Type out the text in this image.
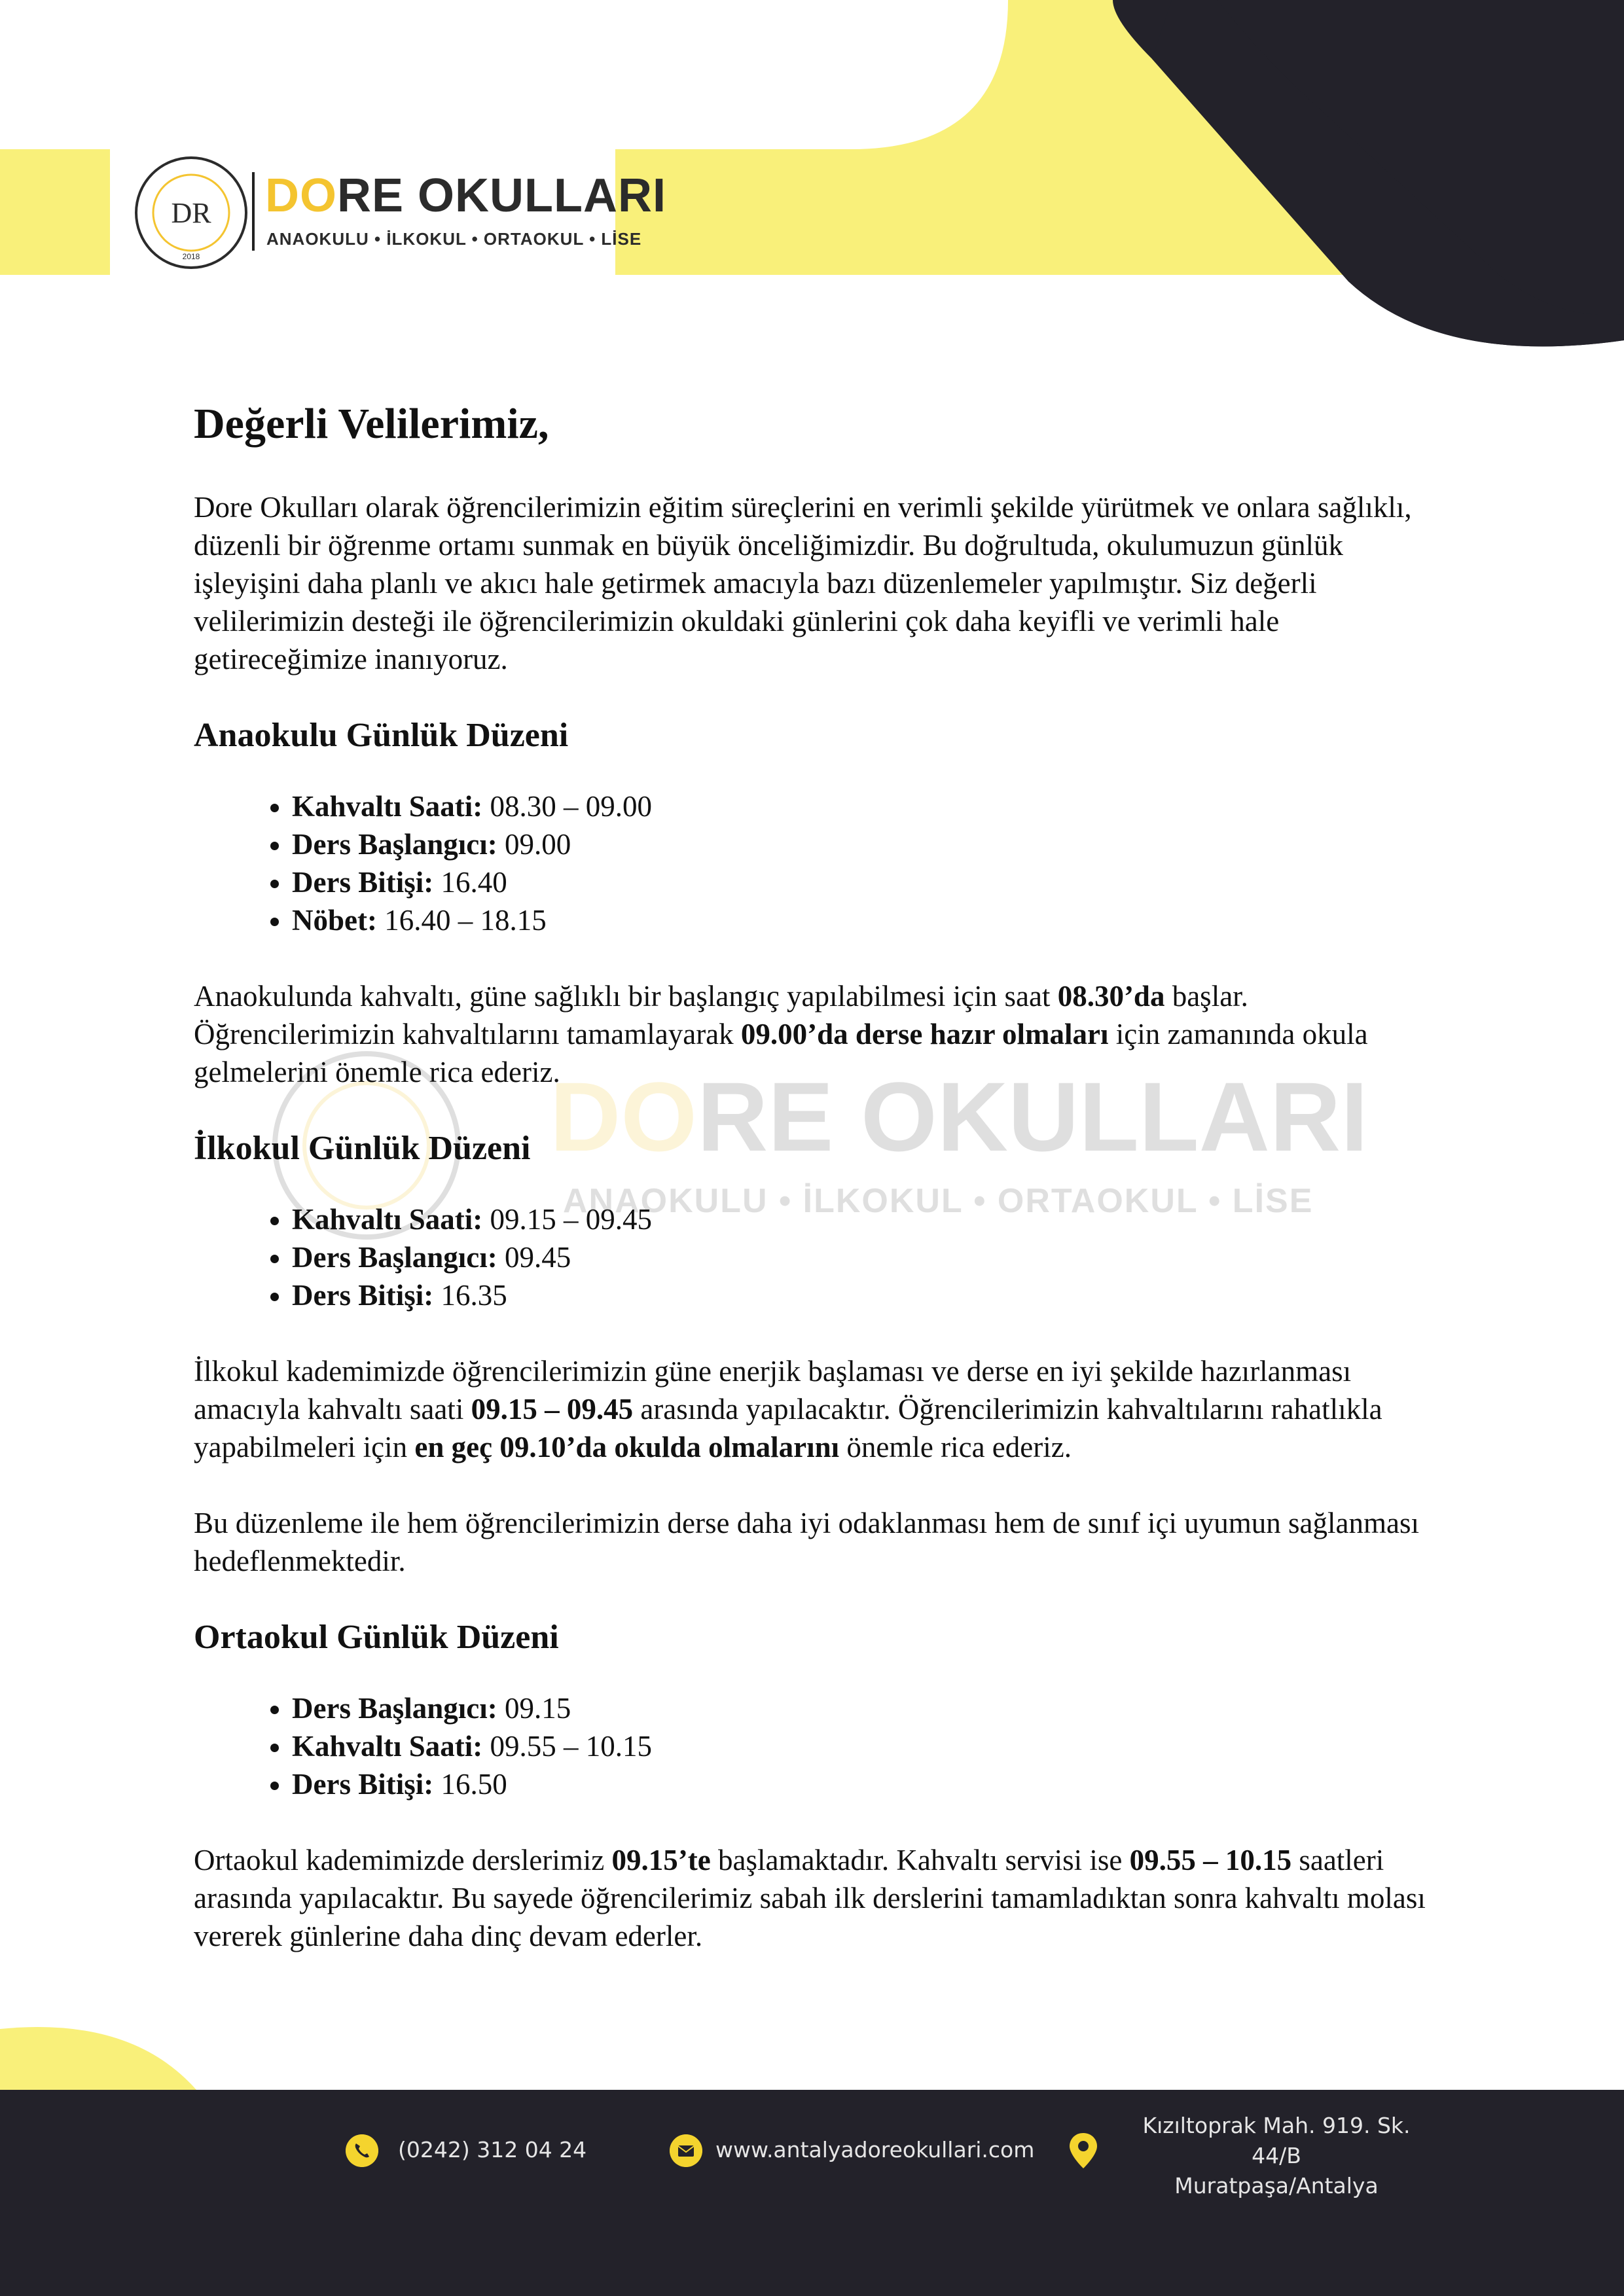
DR
2018
DORE OKULLARI
ANAOKULU • İLKOKUL • ORTAOKUL • LİSE
DORE OKULLARI
ANAOKULU • İLKOKUL • ORTAOKUL • LİSE
Değerli Velilerimiz,

Dore Okulları olarak öğrencilerimizin eğitim süreçlerini en verimli şekilde yürütmek ve onlara sağlıklı, düzenli bir öğrenme ortamı sunmak en büyük önceliğimizdir. Bu doğrultuda, okulumuzun günlük işleyişini daha planlı ve akıcı hale getirmek amacıyla bazı düzenlemeler yapılmıştır. Siz değerli velilerimizin desteği ile öğrencilerimizin okuldaki günlerini çok daha keyifli ve verimli hale getireceğimize inanıyoruz.

Anaokulu Günlük Düzeni
• Kahvaltı Saati: 08.30 – 09.00
• Ders Başlangıcı: 09.00
• Ders Bitişi: 16.40
• Nöbet: 16.40 – 18.15

Anaokulunda kahvaltı, güne sağlıklı bir başlangıç yapılabilmesi için saat 08.30’da başlar. Öğrencilerimizin kahvaltılarını tamamlayarak 09.00’da derse hazır olmaları için zamanında okula gelmelerini önemle rica ederiz.

İlkokul Günlük Düzeni
• Kahvaltı Saati: 09.15 – 09.45
• Ders Başlangıcı: 09.45
• Ders Bitişi: 16.35

İlkokul kademimizde öğrencilerimizin güne enerjik başlaması ve derse en iyi şekilde hazırlanması amacıyla kahvaltı saati 09.15 – 09.45 arasında yapılacaktır. Öğrencilerimizin kahvaltılarını rahatlıkla yapabilmeleri için en geç 09.10’da okulda olmalarını önemle rica ederiz.

Bu düzenleme ile hem öğrencilerimizin derse daha iyi odaklanması hem de sınıf içi uyumun sağlanması hedeflenmektedir.

Ortaokul Günlük Düzeni
• Ders Başlangıcı: 09.15
• Kahvaltı Saati: 09.55 – 10.15
• Ders Bitişi: 16.50

Ortaokul kademimizde derslerimiz 09.15’te başlamaktadır. Kahvaltı servisi ise 09.55 – 10.15 saatleri arasında yapılacaktır. Bu sayede öğrencilerimiz sabah ilk derslerini tamamladıktan sonra kahvaltı molası vererek günlerine daha dinç devam ederler.

(0242) 312 04 24	www.antalyadoreokullari.com
Kızıltoprak Mah. 919. Sk.
44/B
Muratpaşa/Antalya
